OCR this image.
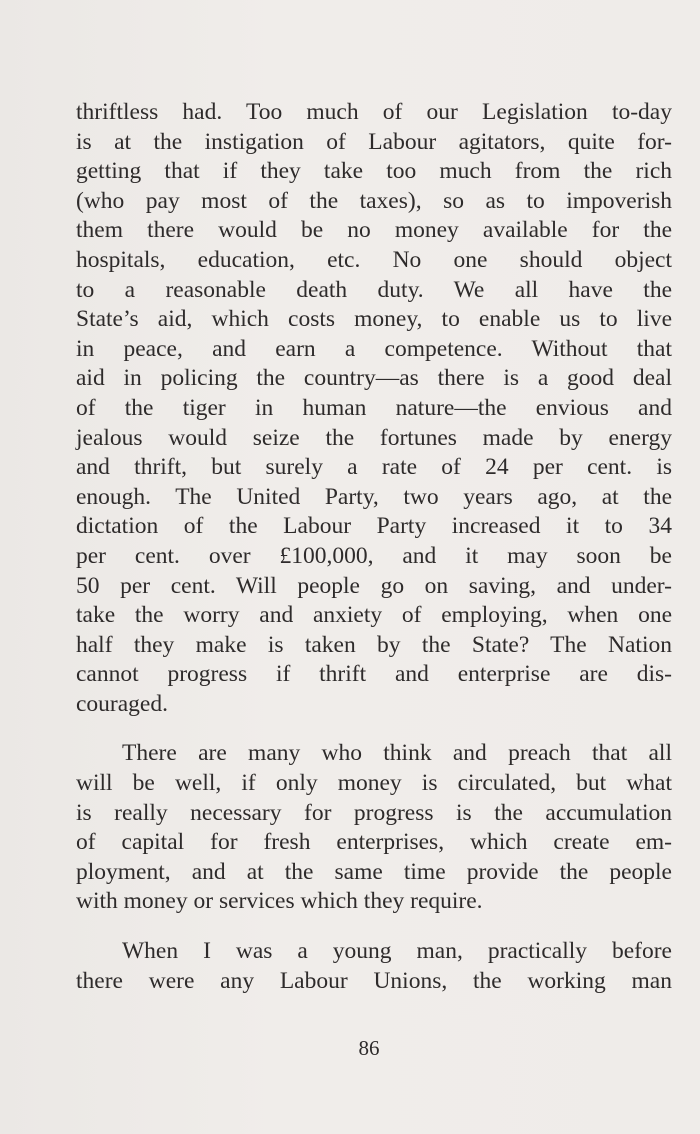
thriftless had. Too much of our Legislation to-day
is at the instigation of Labour agitators, quite for-
getting that if they take too much from the rich
(who pay most of the taxes), so as to impoverish
them there would be no money available for the
hospitals, education, etc. No one should object
to a reasonable death duty. We all have the
State’s aid, which costs money, to enable us to live
in peace, and earn a competence. Without that
aid in policing the country—as there is a good deal
of the tiger in human nature—the envious and
jealous would seize the fortunes made by energy
and thrift, but surely a rate of 24 per cent. is
enough. The United Party, two years ago, at the
dictation of the Labour Party increased it to 34
per cent. over £100,000, and it may soon be
50 per cent. Will people go on saving, and under-
take the worry and anxiety of employing, when one
half they make is taken by the State? The Nation
cannot progress if thrift and enterprise are dis-
couraged.
There are many who think and preach that all
will be well, if only money is circulated, but what
is really necessary for progress is the accumulation
of capital for fresh enterprises, which create em-
ployment, and at the same time provide the people
with money or services which they require.
When I was a young man, practically before
there were any Labour Unions, the working man
86
